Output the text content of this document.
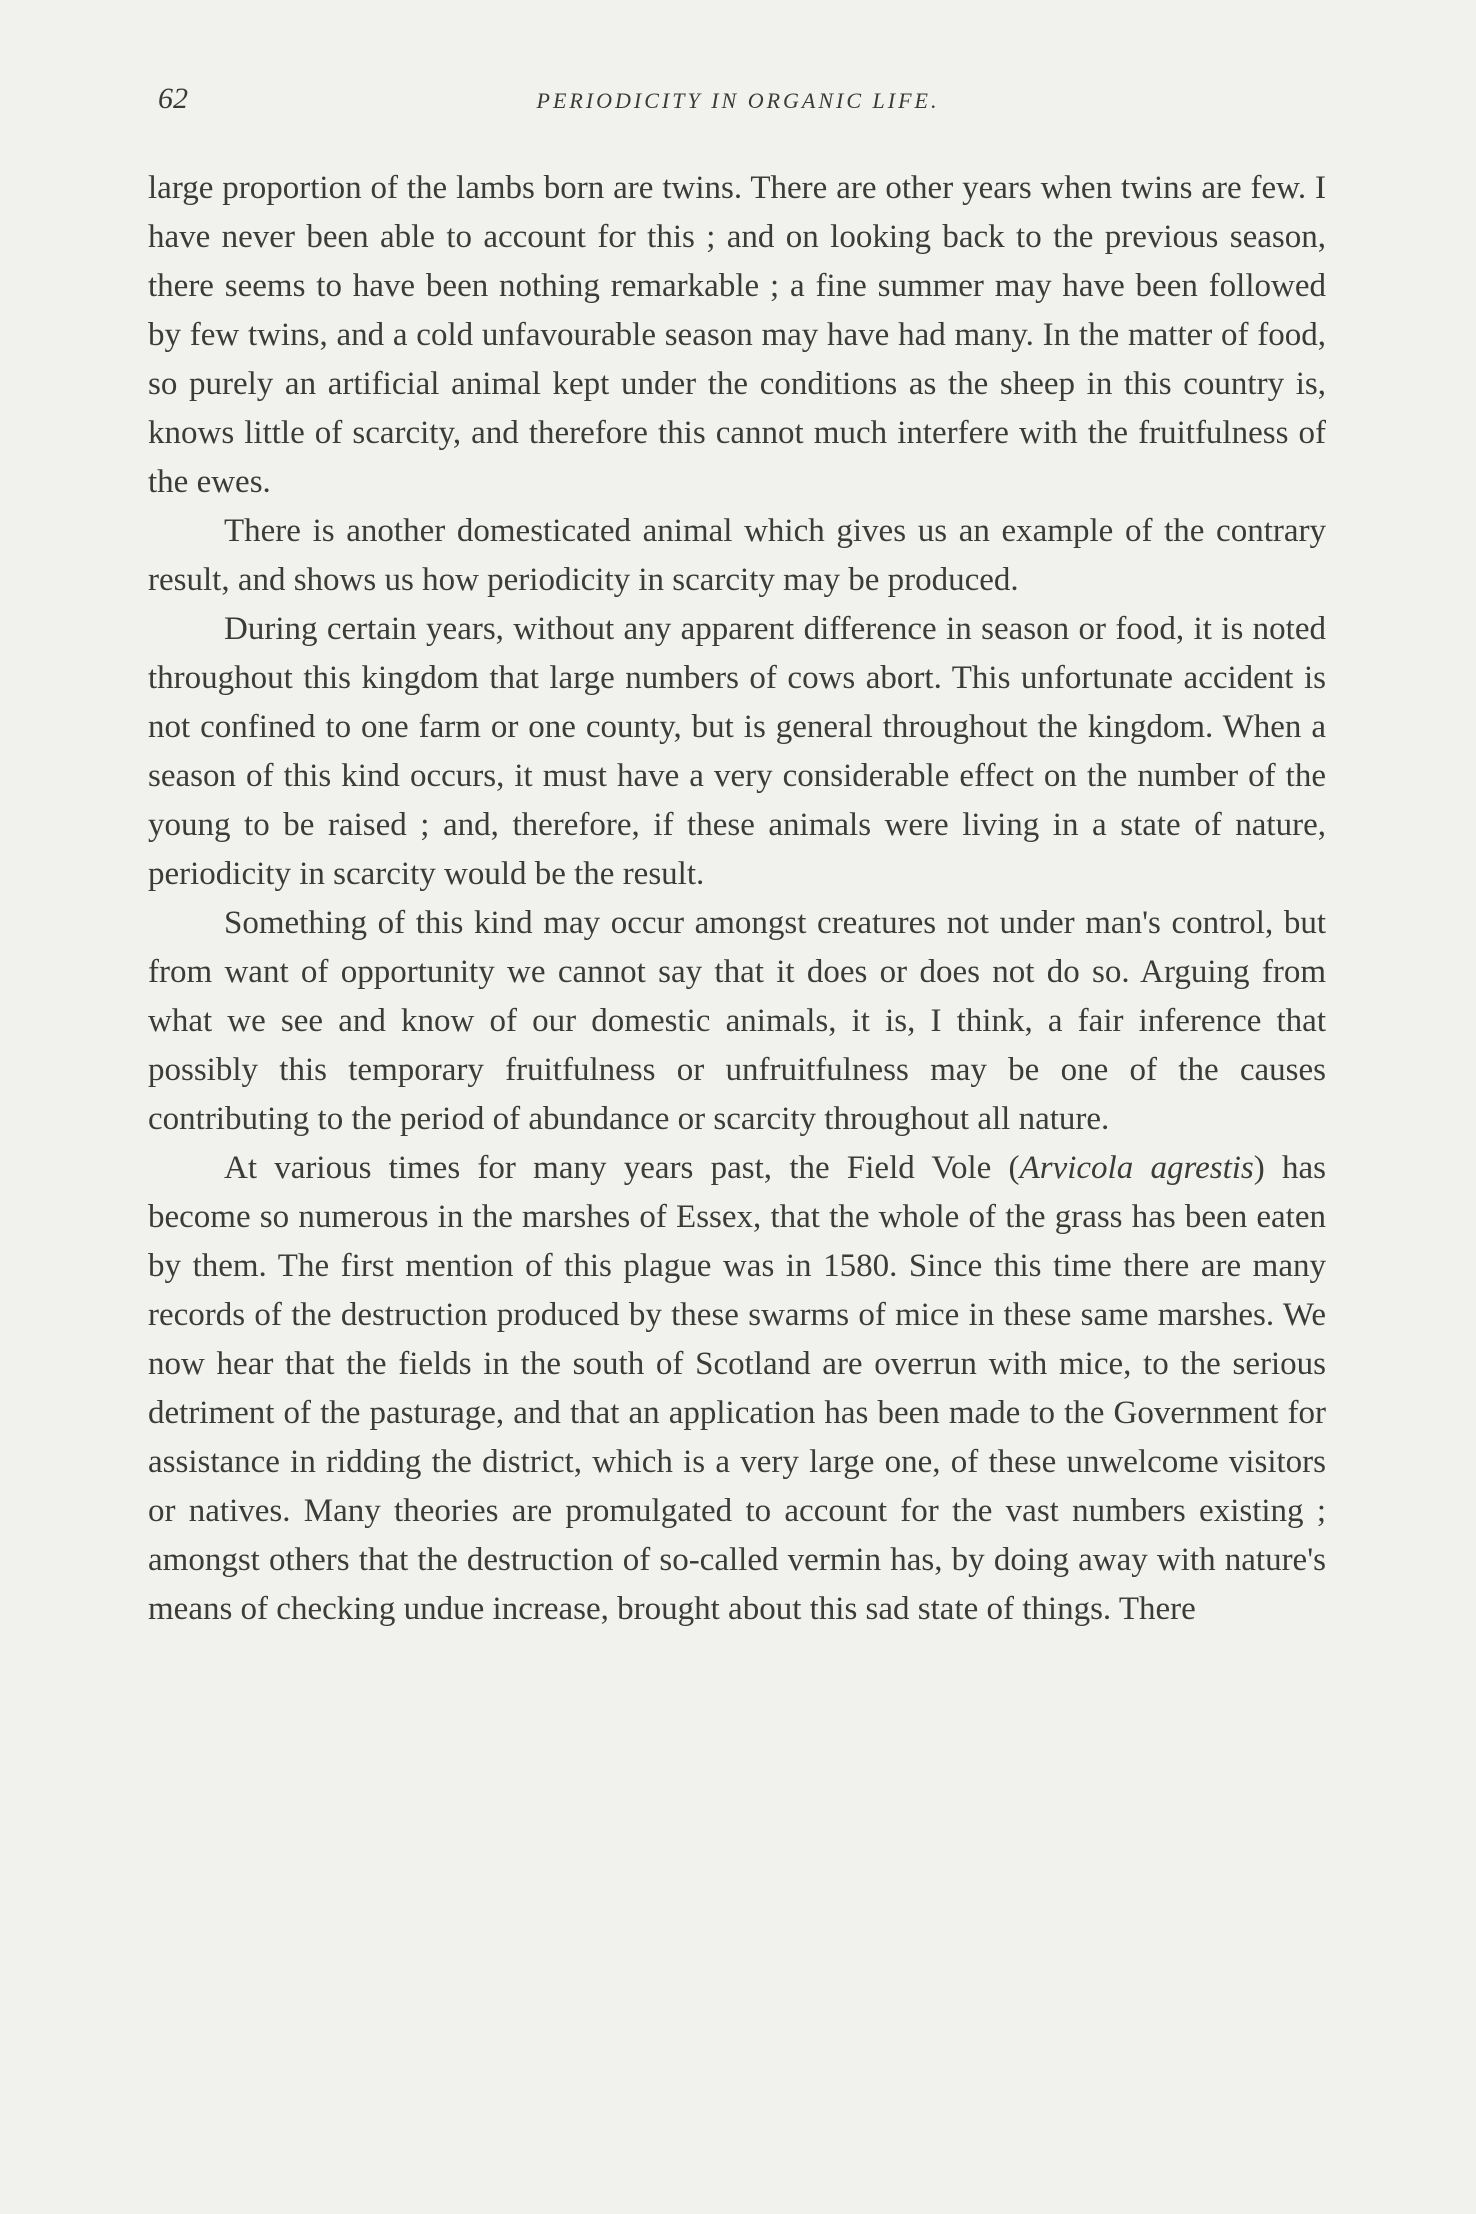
62	PERIODICITY IN ORGANIC LIFE.

large proportion of the lambs born are twins. There are other years when twins are few. I have never been able to account for this ; and on looking back to the previous season, there seems to have been nothing remarkable ; a fine summer may have been followed by few twins, and a cold unfavourable season may have had many. In the matter of food, so purely an artificial animal kept under the conditions as the sheep in this country is, knows little of scarcity, and therefore this cannot much interfere with the fruitfulness of the ewes.

There is another domesticated animal which gives us an example of the contrary result, and shows us how periodicity in scarcity may be produced.

During certain years, without any apparent difference in season or food, it is noted throughout this kingdom that large numbers of cows abort. This unfortunate accident is not confined to one farm or one county, but is general throughout the kingdom. When a season of this kind occurs, it must have a very considerable effect on the number of the young to be raised ; and, therefore, if these animals were living in a state of nature, periodicity in scarcity would be the result.

Something of this kind may occur amongst creatures not under man's control, but from want of opportunity we cannot say that it does or does not do so. Arguing from what we see and know of our domestic animals, it is, I think, a fair inference that possibly this temporary fruitfulness or unfruitfulness may be one of the causes contributing to the period of abundance or scarcity throughout all nature.

At various times for many years past, the Field Vole (Arvicola agrestis) has become so numerous in the marshes of Essex, that the whole of the grass has been eaten by them. The first mention of this plague was in 1580. Since this time there are many records of the destruction produced by these swarms of mice in these same marshes. We now hear that the fields in the south of Scotland are overrun with mice, to the serious detriment of the pasturage, and that an application has been made to the Government for assistance in ridding the district, which is a very large one, of these unwelcome visitors or natives. Many theories are promulgated to account for the vast numbers existing ; amongst others that the destruction of so-called vermin has, by doing away with nature's means of checking undue increase, brought about this sad state of things. There
